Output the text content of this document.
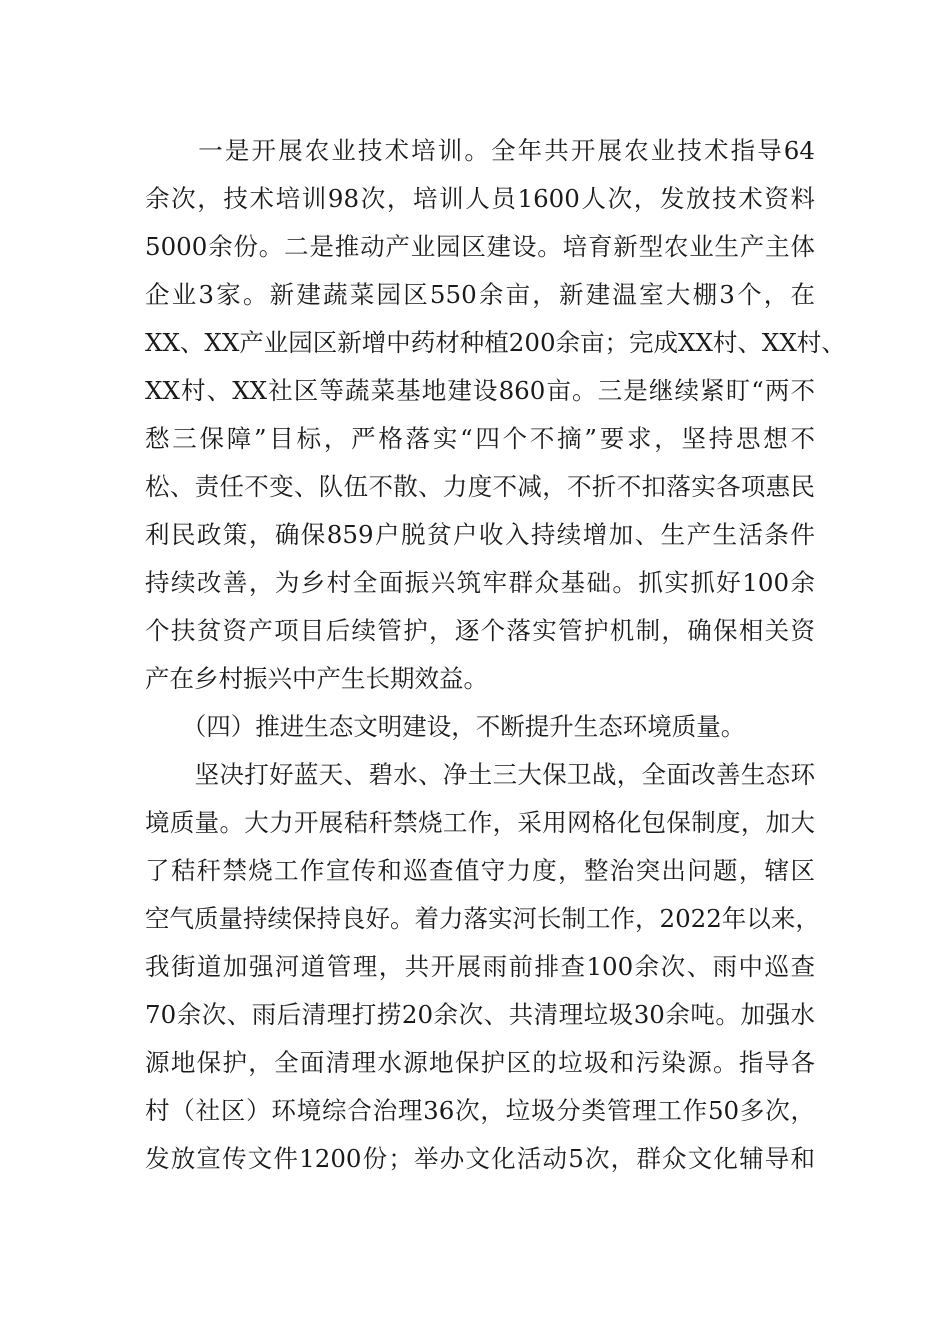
　　一是开展农业技术培训。全年共开展农业技术指导64
余次，技术培训98次，培训人员1600人次，发放技术资料
5000余份。二是推动产业园区建设。培育新型农业生产主体
企业3家。新建蔬菜园区550余亩，新建温室大棚3个，在
XX、XX产业园区新增中药材种植200余亩；完成XX村、XX村、
XX村、XX社区等蔬菜基地建设860亩。三是继续紧盯“两不
愁三保障”目标，严格落实“四个不摘”要求，坚持思想不
松、责任不变、队伍不散、力度不减，不折不扣落实各项惠民
利民政策，确保859户脱贫户收入持续增加、生产生活条件
持续改善，为乡村全面振兴筑牢群众基础。抓实抓好100余
个扶贫资产项目后续管护，逐个落实管护机制，确保相关资
产在乡村振兴中产生长期效益。
　　（四）推进生态文明建设，不断提升生态环境质量。
　　坚决打好蓝天、碧水、净土三大保卫战，全面改善生态环
境质量。大力开展秸秆禁烧工作，采用网格化包保制度，加大
了秸秆禁烧工作宣传和巡查值守力度，整治突出问题，辖区
空气质量持续保持良好。着力落实河长制工作，2022年以来，
我街道加强河道管理，共开展雨前排查100余次、雨中巡查
70余次、雨后清理打捞20余次、共清理垃圾30余吨。加强水
源地保护，全面清理水源地保护区的垃圾和污染源。指导各
村（社区）环境综合治理36次，垃圾分类管理工作50多次，
发放宣传文件1200份；举办文化活动5次，群众文化辅导和
